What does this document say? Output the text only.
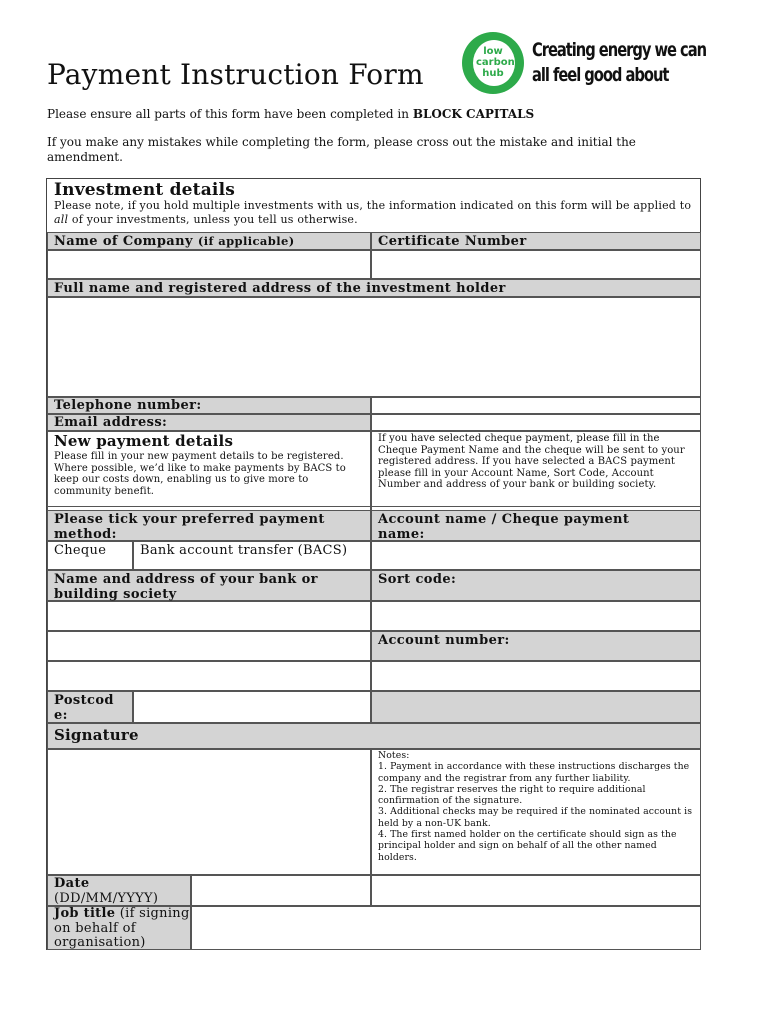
Payment Instruction Form

Please ensure all parts of this form have been completed in BLOCK CAPITALS

If you make any mistakes while completing the form, please cross out the mistake and initial the amendment.

low
carbon
hub
Creating energy we can
all feel good about
Investment details
Please note, if you hold multiple investments with us, the information indicated on this form will be applied to all of your investments, unless you tell us otherwise.
Name of Company (if applicable)	Certificate Number
Full name and registered address of the investment holder
Telephone number:
Email address:
New payment details
Please fill in your new payment details to be registered. Where possible, we’d like to make payments by BACS to keep our costs down, enabling us to give more to community benefit.
If you have selected cheque payment, please fill in the Cheque Payment Name and the cheque will be sent to your registered address. If you have selected a BACS payment please fill in your Account Name, Sort Code, Account Number and address of your bank or building society.
Please tick your preferred payment method:
Account name / Cheque payment name:
Cheque	Bank account transfer (BACS)
Name and address of your bank or building society
Sort code:
Account number:
Postcode:
Signature
Notes:
1. Payment in accordance with these instructions discharges the company and the registrar from any further liability.
2. The registrar reserves the right to require additional confirmation of the signature.
3. Additional checks may be required if the nominated account is held by a non-UK bank.
4. The first named holder on the certificate should sign as the principal holder and sign on behalf of all the other named holders.
Date
(DD/MM/YYYY)
Job title (if signing on behalf of organisation)
